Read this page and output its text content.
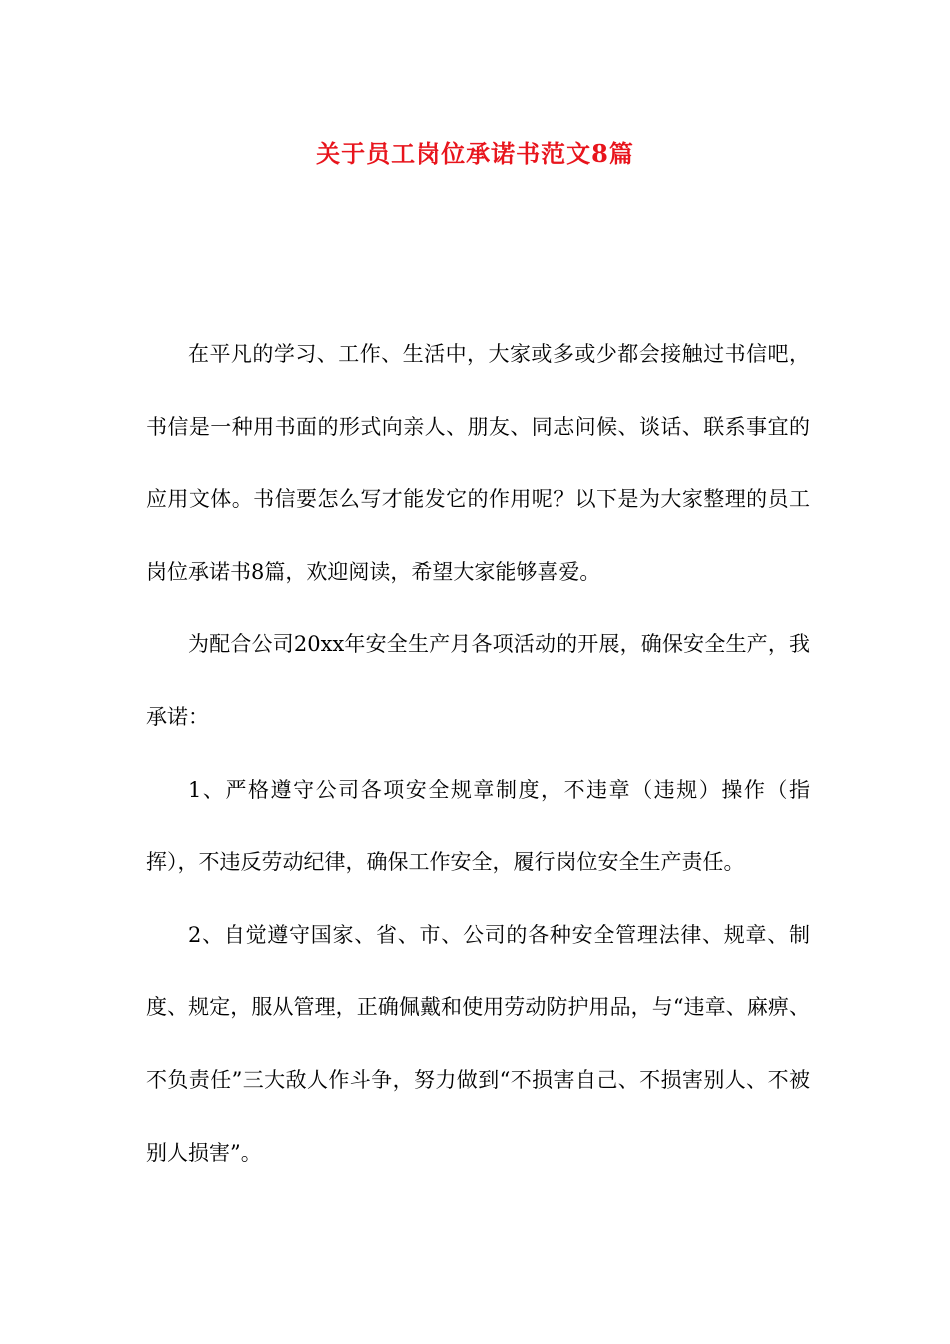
关于员工岗位承诺书范文8篇

在平凡的学习、工作、生活中，大家或多或少都会接触过书信吧，书信是一种用书面的形式向亲人、朋友、同志问候、谈话、联系事宜的应用文体。书信要怎么写才能发它的作用呢？以下是为大家整理的员工岗位承诺书8篇，欢迎阅读，希望大家能够喜爱。

为配合公司20xx年安全生产月各项活动的开展，确保安全生产，我承诺：

1、严格遵守公司各项安全规章制度，不违章（违规）操作（指挥），不违反劳动纪律，确保工作安全，履行岗位安全生产责任。

2、自觉遵守国家、省、市、公司的各种安全管理法律、规章、制度、规定，服从管理，正确佩戴和使用劳动防护用品，与“违章、麻痹、不负责任”三大敌人作斗争，努力做到“不损害自己、不损害别人、不被别人损害”。
